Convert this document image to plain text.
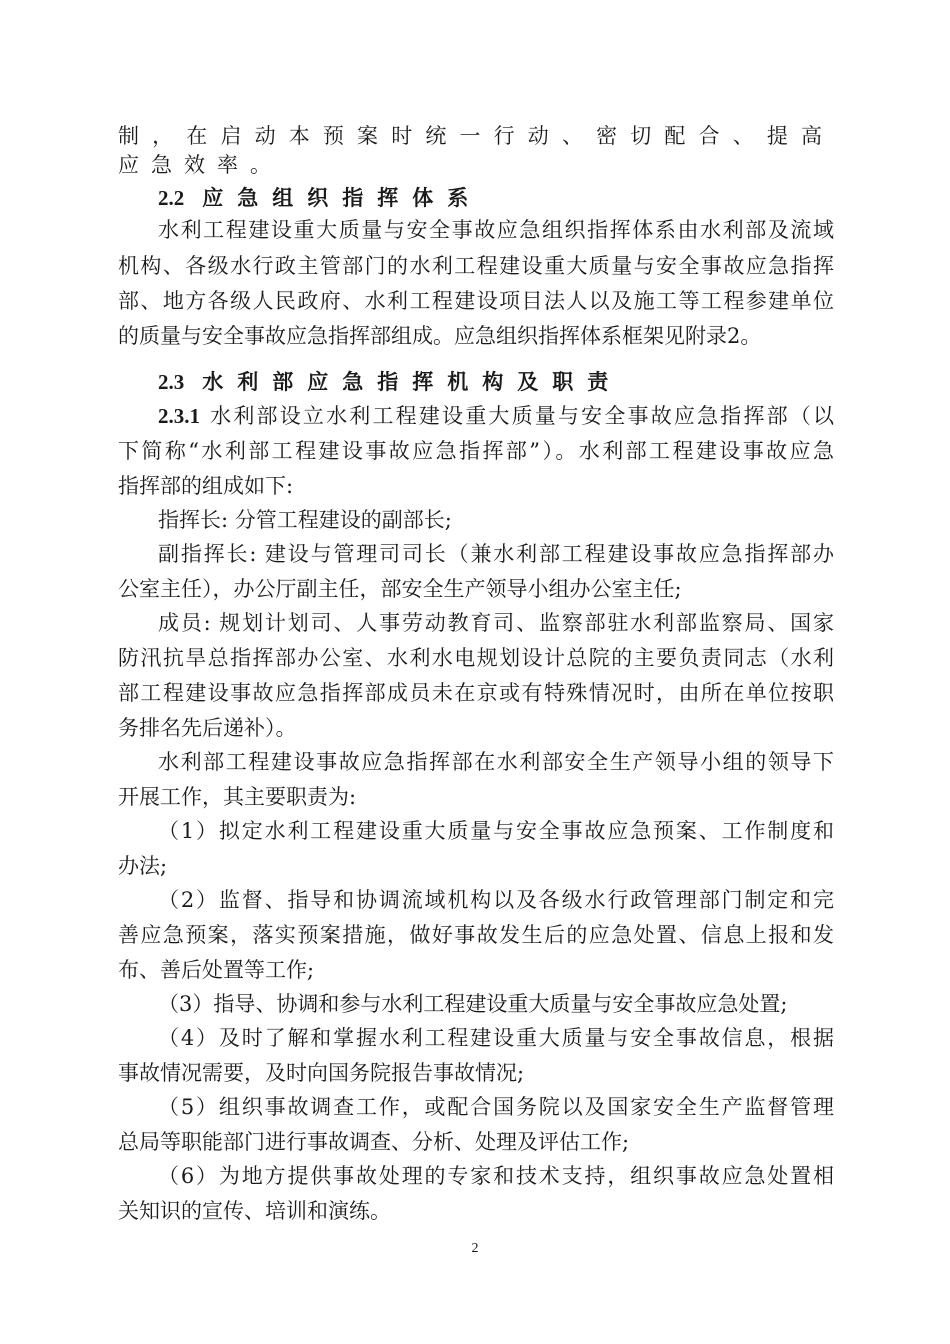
制，在启动本预案时统一行动、密切配合、提高
应急效率。
2.2 应急组织指挥体系
水利工程建设重大质量与安全事故应急组织指挥体系由水利部及流域
机构、各级水行政主管部门的水利工程建设重大质量与安全事故应急指挥
部、地方各级人民政府、水利工程建设项目法人以及施工等工程参建单位
的质量与安全事故应急指挥部组成。应急组织指挥体系框架见附录2。
2.3 水利部应急指挥机构及职责
2.3.1 水利部设立水利工程建设重大质量与安全事故应急指挥部（以
下简称“水利部工程建设事故应急指挥部”）。水利部工程建设事故应急
指挥部的组成如下:
指挥长: 分管工程建设的副部长;
副指挥长: 建设与管理司司长（兼水利部工程建设事故应急指挥部办
公室主任），办公厅副主任，部安全生产领导小组办公室主任;
成员: 规划计划司、人事劳动教育司、监察部驻水利部监察局、国家
防汛抗旱总指挥部办公室、水利水电规划设计总院的主要负责同志（水利
部工程建设事故应急指挥部成员未在京或有特殊情况时，由所在单位按职
务排名先后递补）。
水利部工程建设事故应急指挥部在水利部安全生产领导小组的领导下
开展工作，其主要职责为:
（1）拟定水利工程建设重大质量与安全事故应急预案、工作制度和
办法;
（2）监督、指导和协调流域机构以及各级水行政管理部门制定和完
善应急预案，落实预案措施，做好事故发生后的应急处置、信息上报和发
布、善后处置等工作;
（3）指导、协调和参与水利工程建设重大质量与安全事故应急处置;
（4）及时了解和掌握水利工程建设重大质量与安全事故信息，根据
事故情况需要，及时向国务院报告事故情况;
（5）组织事故调查工作，或配合国务院以及国家安全生产监督管理
总局等职能部门进行事故调查、分析、处理及评估工作;
（6）为地方提供事故处理的专家和技术支持，组织事故应急处置相
关知识的宣传、培训和演练。
2
